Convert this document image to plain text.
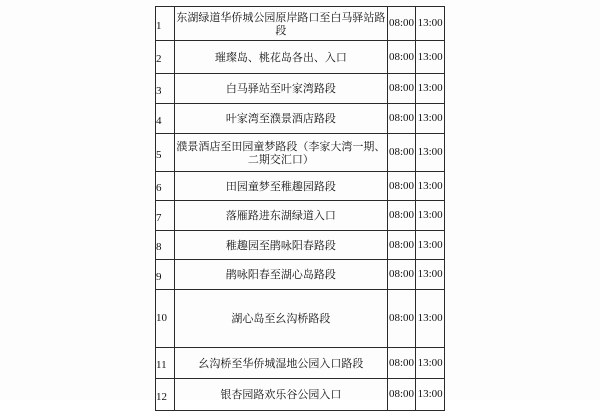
1	东湖绿道华侨城公园原岸路口至白马驿站路段	08:00	13:00
2	璀璨岛、桃花岛各出、入口	08:00	13:00
3	白马驿站至叶家湾路段	08:00	13:00
4	叶家湾至濮景酒店路段	08:00	13:00
5	濮景酒店至田园童梦路段（李家大湾一期、二期交汇口）	08:00	13:00
6	田园童梦至稚趣园路段	08:00	13:00
7	落雁路进东湖绿道入口	08:00	13:00
8	稚趣园至鹃咏阳春路段	08:00	13:00
9	鹃咏阳春至湖心岛路段	08:00	13:00
10	湖心岛至幺沟桥路段	08:00	13:00
11	幺沟桥至华侨城湿地公园入口路段	08:00	13:00
12	银杏园路欢乐谷公园入口	08:00	13:00
